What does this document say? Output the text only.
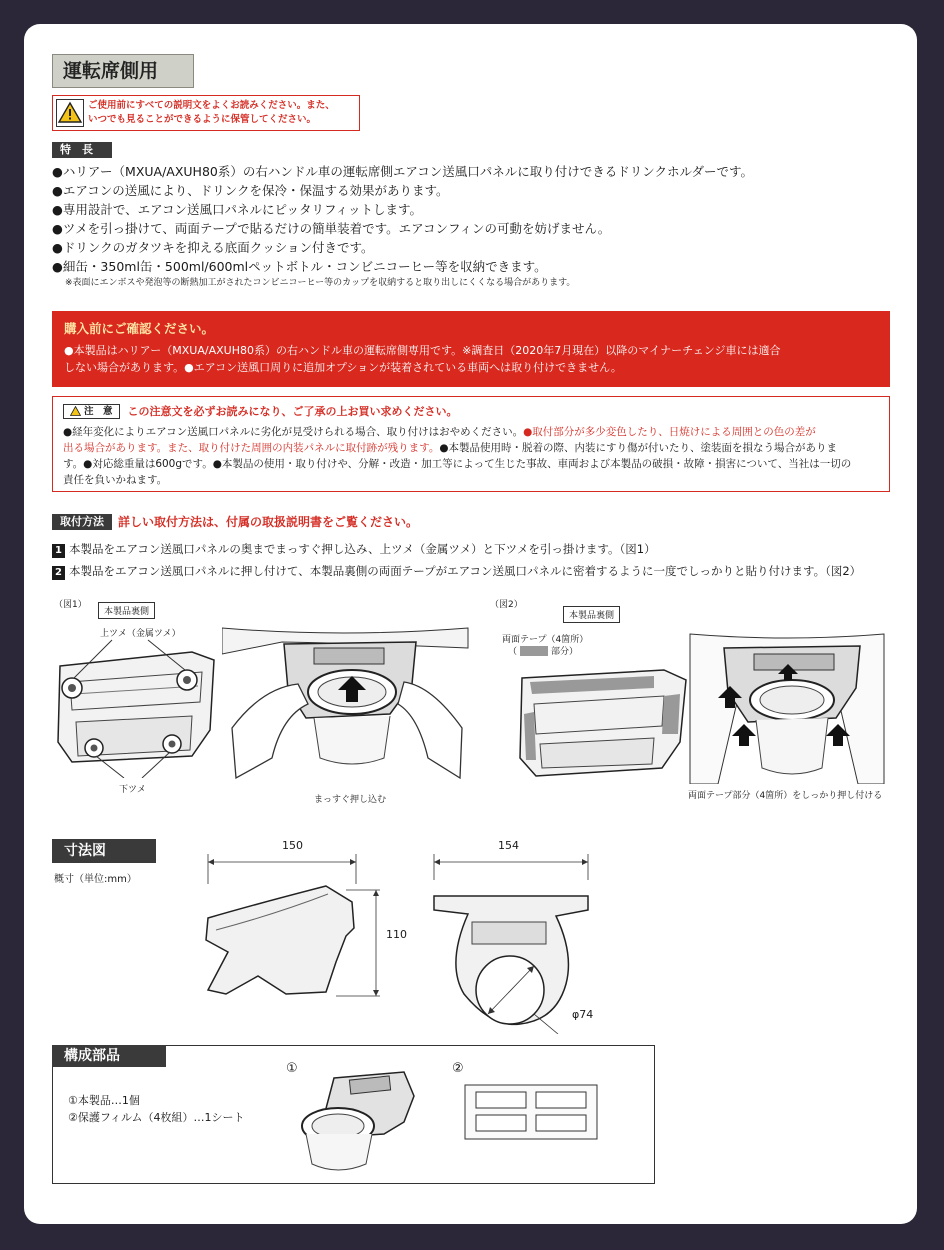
運転席側用
ご使用前にすべての説明文をよくお読みください。また、
いつでも見ることができるように保管してください。
特　長
●ハリアー（MXUA/AXUH80系）の右ハンドル車の運転席側エアコン送風口パネルに取り付けできるドリンクホルダーです。
●エアコンの送風により、ドリンクを保冷・保温する効果があります。
●専用設計で、エアコン送風口パネルにピッタリフィットします。
●ツメを引っ掛けて、両面テープで貼るだけの簡単装着です。エアコンフィンの可動を妨げません。
●ドリンクのガタツキを抑える底面クッション付きです。
●細缶・350ml缶・500ml/600mlペットボトル・コンビニコーヒー等を収納できます。
※表面にエンボスや発泡等の断熱加工がされたコンビニコーヒー等のカップを収納すると取り出しにくくなる場合があります。
購入前にご確認ください。
●本製品はハリアー（MXUA/AXUH80系）の右ハンドル車の運転席側専用です。※調査日（2020年7月現在）以降のマイナーチェンジ車には適合
しない場合があります。●エアコン送風口周りに追加オプションが装着されている車両へは取り付けできません。
注　意 この注意文を必ずお読みになり、ご了承の上お買い求めください。
●経年変化によりエアコン送風口パネルに劣化が見受けられる場合、取り付けはおやめください。●取付部分が多少変色したり、日焼けによる周囲との色の差が
出る場合があります。また、取り付けた周囲の内装パネルに取付跡が残ります。●本製品使用時・脱着の際、内装にすり傷が付いたり、塗装面を損なう場合がありま
す。●対応総重量は600gです。●本製品の使用・取り付けや、分解・改造・加工等によって生じた事故、車両および本製品の破損・故障・損害について、当社は一切の
責任を負いかねます。
取付方法	詳しい取付方法は、付属の取扱説明書をご覧ください。
1 本製品をエアコン送風口パネルの奥までまっすぐ押し込み、上ツメ（金属ツメ）と下ツメを引っ掛けます。（図1）
2 本製品をエアコン送風口パネルに押し付けて、本製品裏側の両面テープがエアコン送風口パネルに密着するように一度でしっかりと貼り付けます。（図2）
（図1）
本製品裏側
上ツメ（金属ツメ）
下ツメ
まっすぐ押し込む
（図2）
本製品裏側
両面テープ（4箇所）
（	部分）
両面テープ部分（4箇所）をしっかり押し付ける
寸法図
概寸（単位:mm）
150
110
154
φ74
構成部品
①本製品…1個
②保護フィルム（4枚組）…1シート
①	②
